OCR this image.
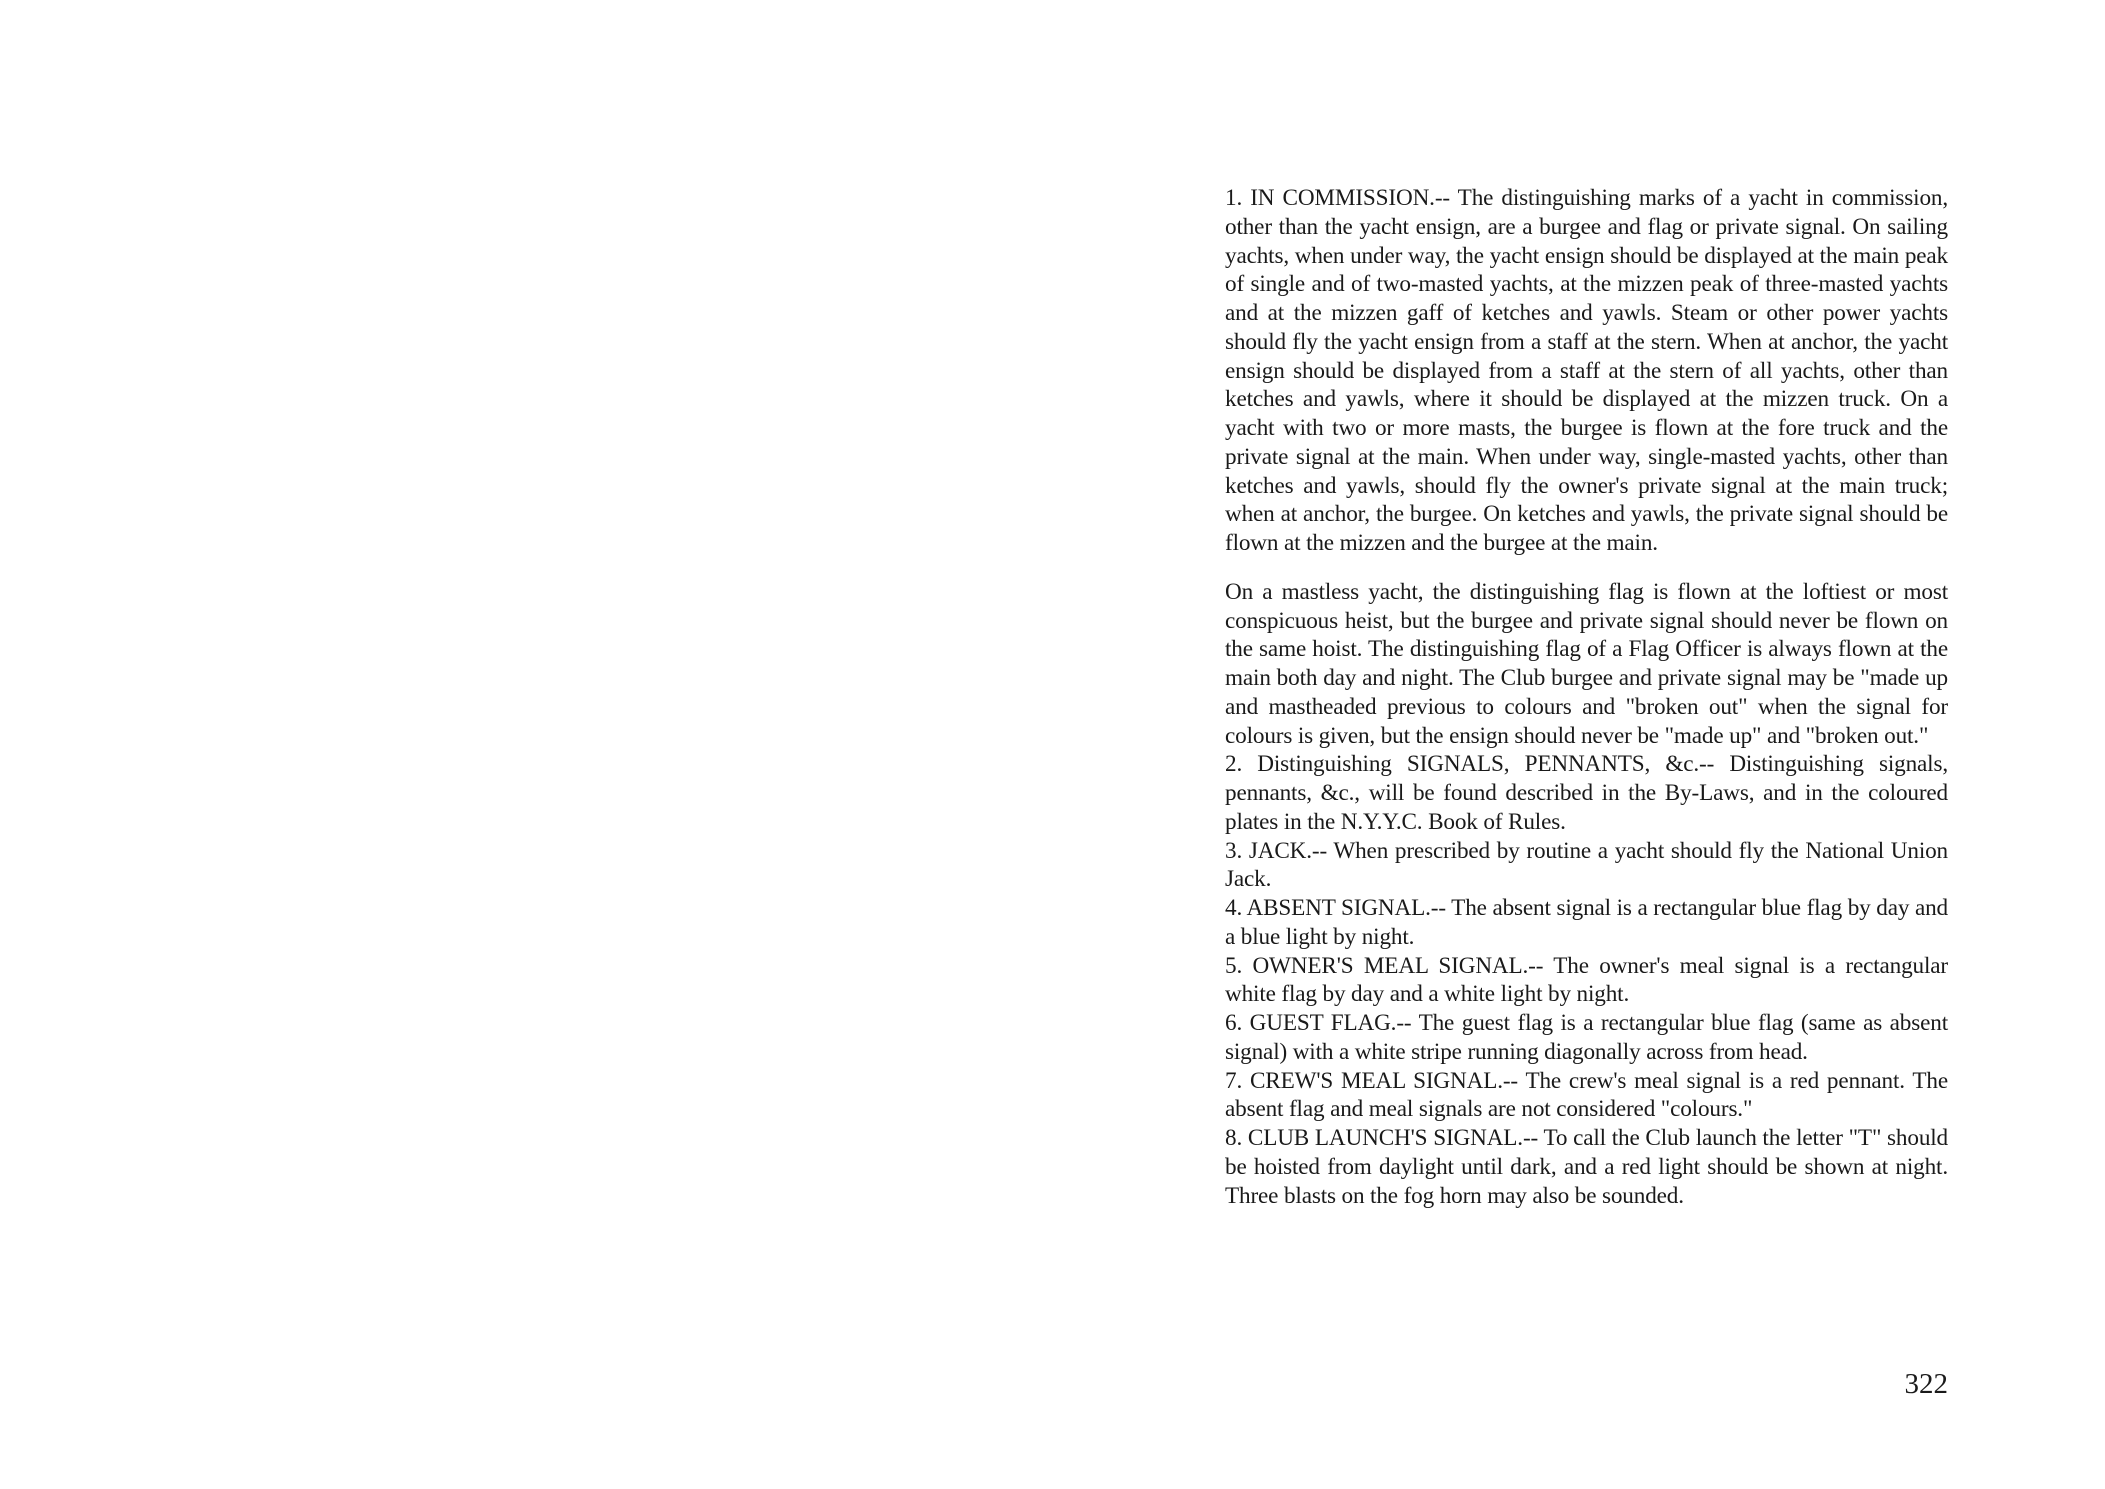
1. IN COMMISSION.-- The distinguishing marks of a yacht in commission, other than the yacht ensign, are a burgee and flag or private signal. On sailing yachts, when under way, the yacht ensign should be displayed at the main peak of single and of two-masted yachts, at the mizzen peak of three-masted yachts and at the mizzen gaff of ketches and yawls. Steam or other power yachts should fly the yacht ensign from a staff at the stern. When at anchor, the yacht ensign should be displayed from a staff at the stern of all yachts, other than ketches and yawls, where it should be displayed at the mizzen truck. On a yacht with two or more masts, the burgee is flown at the fore truck and the private signal at the main. When under way, single-masted yachts, other than ketches and yawls, should fly the owner's private signal at the main truck; when at anchor, the burgee. On ketches and yawls, the private signal should be flown at the mizzen and the burgee at the main.

On a mastless yacht, the distinguishing flag is flown at the loftiest or most conspicuous heist, but the burgee and private signal should never be flown on the same hoist. The distinguishing flag of a Flag Officer is always flown at the main both day and night. The Club burgee and private signal may be "made up and mastheaded previous to colours and "broken out" when the signal for colours is given, but the ensign should never be "made up" and "broken out."

2. Distinguishing SIGNALS, PENNANTS, &c.-- Distinguishing signals, pennants, &c., will be found described in the By-Laws, and in the coloured plates in the N.Y.Y.C. Book of Rules.

3. JACK.-- When prescribed by routine a yacht should fly the National Union Jack.

4. ABSENT SIGNAL.-- The absent signal is a rectangular blue flag by day and a blue light by night.

5. OWNER'S MEAL SIGNAL.-- The owner's meal signal is a rectangular white flag by day and a white light by night.

6. GUEST FLAG.-- The guest flag is a rectangular blue flag (same as absent signal) with a white stripe running diagonally across from head.

7. CREW'S MEAL SIGNAL.-- The crew's meal signal is a red pennant. The absent flag and meal signals are not considered "colours."

8. CLUB LAUNCH'S SIGNAL.-- To call the Club launch the letter "T" should be hoisted from daylight until dark, and a red light should be shown at night. Three blasts on the fog horn may also be sounded.

322
